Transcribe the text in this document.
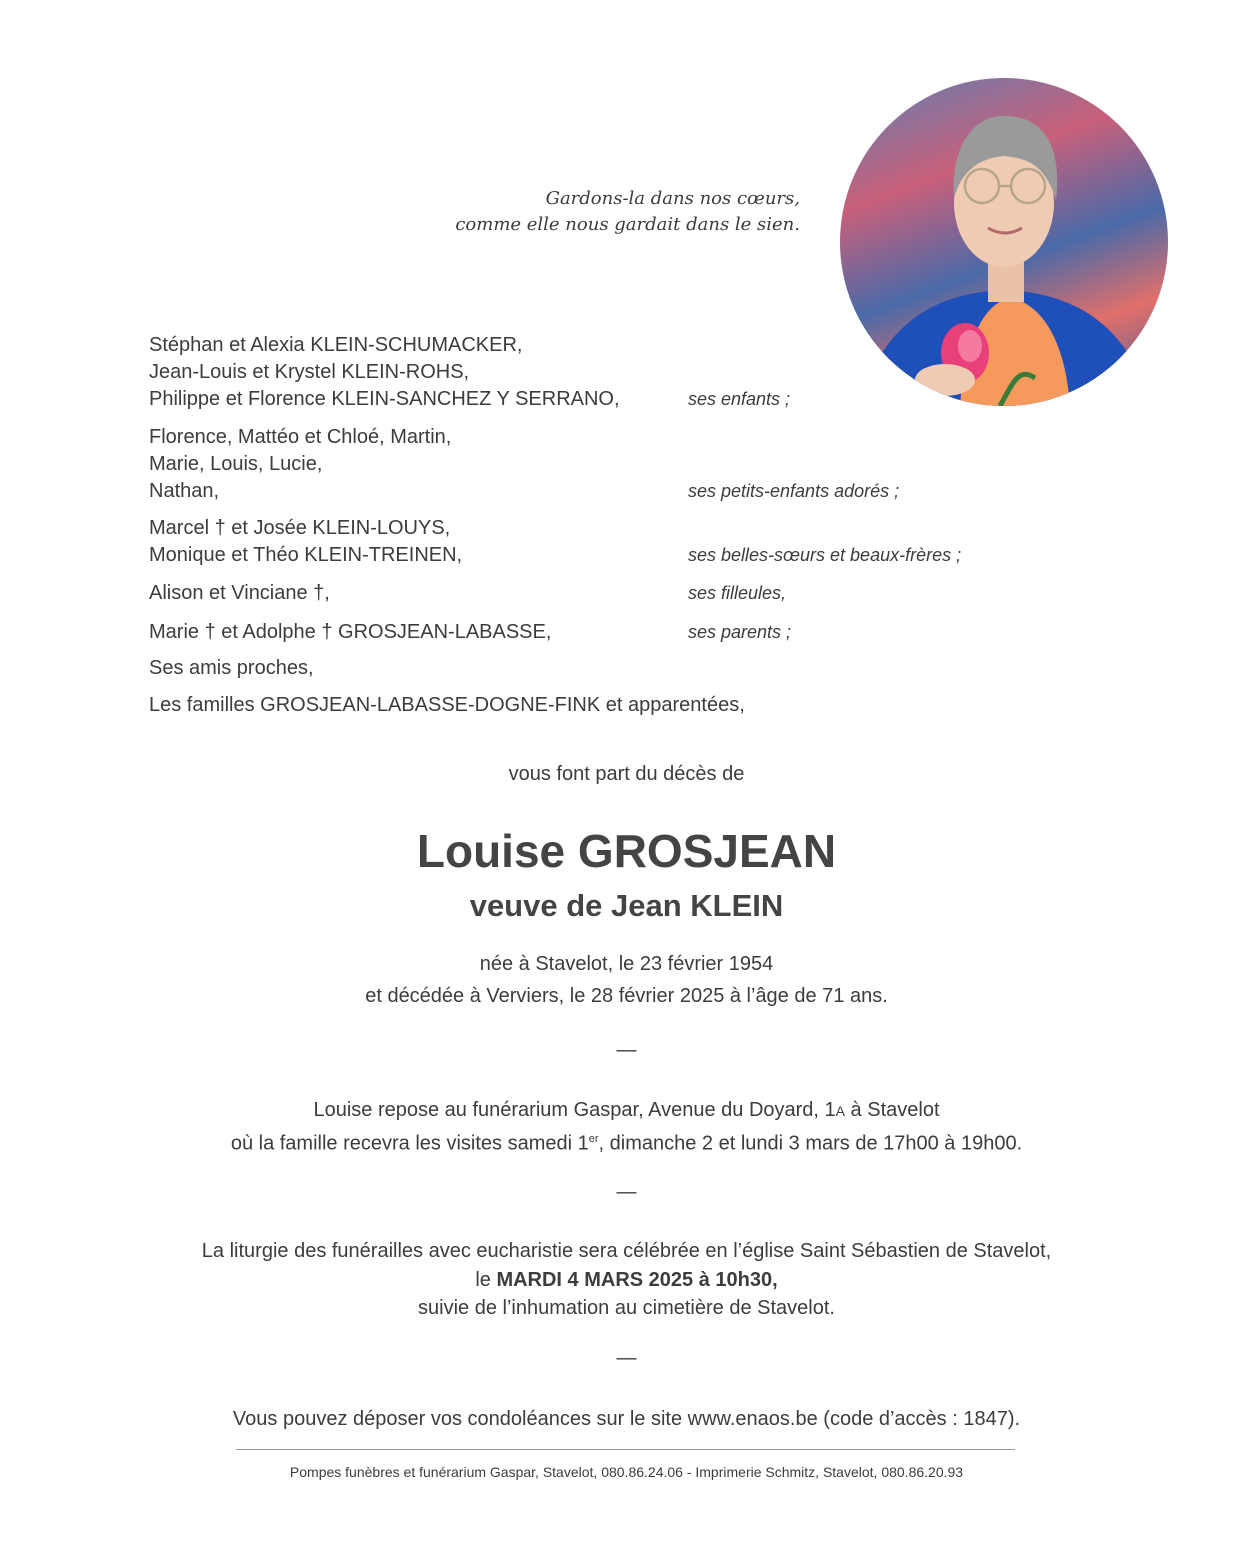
Gardons-la dans nos cœurs,
comme elle nous gardait dans le sien.
Stéphan et Alexia KLEIN-SCHUMACKER,
Jean-Louis et Krystel KLEIN-ROHS,
Philippe et Florence KLEIN-SANCHEZ Y SERRANO,	ses enfants ;
Florence, Mattéo et Chloé, Martin,
Marie, Louis, Lucie,
Nathan,	ses petits-enfants adorés ;
Marcel † et Josée KLEIN-LOUYS,
Monique et Théo KLEIN-TREINEN,	ses belles-sœurs et beaux-frères ;
Alison et Vinciane †,	ses filleules,
Marie † et Adolphe † GROSJEAN-LABASSE,	ses parents ;
Ses amis proches,
Les familles GROSJEAN-LABASSE-DOGNE-FINK et apparentées,
vous font part du décès de
Louise GROSJEAN
veuve de Jean KLEIN
née à Stavelot, le 23 février 1954
et décédée à Verviers, le 28 février 2025 à l’âge de 71 ans.
—
Louise repose au funérarium Gaspar, Avenue du Doyard, 1A à Stavelot
où la famille recevra les visites samedi 1er, dimanche 2 et lundi 3 mars de 17h00 à 19h00.
—
La liturgie des funérailles avec eucharistie sera célébrée en l’église Saint Sébastien de Stavelot,
le MARDI 4 MARS 2025 à 10h30,
suivie de l’inhumation au cimetière de Stavelot.
—
Vous pouvez déposer vos condoléances sur le site www.enaos.be (code d’accès : 1847).
Pompes funèbres et funérarium Gaspar, Stavelot, 080.86.24.06 - Imprimerie Schmitz, Stavelot, 080.86.20.93
